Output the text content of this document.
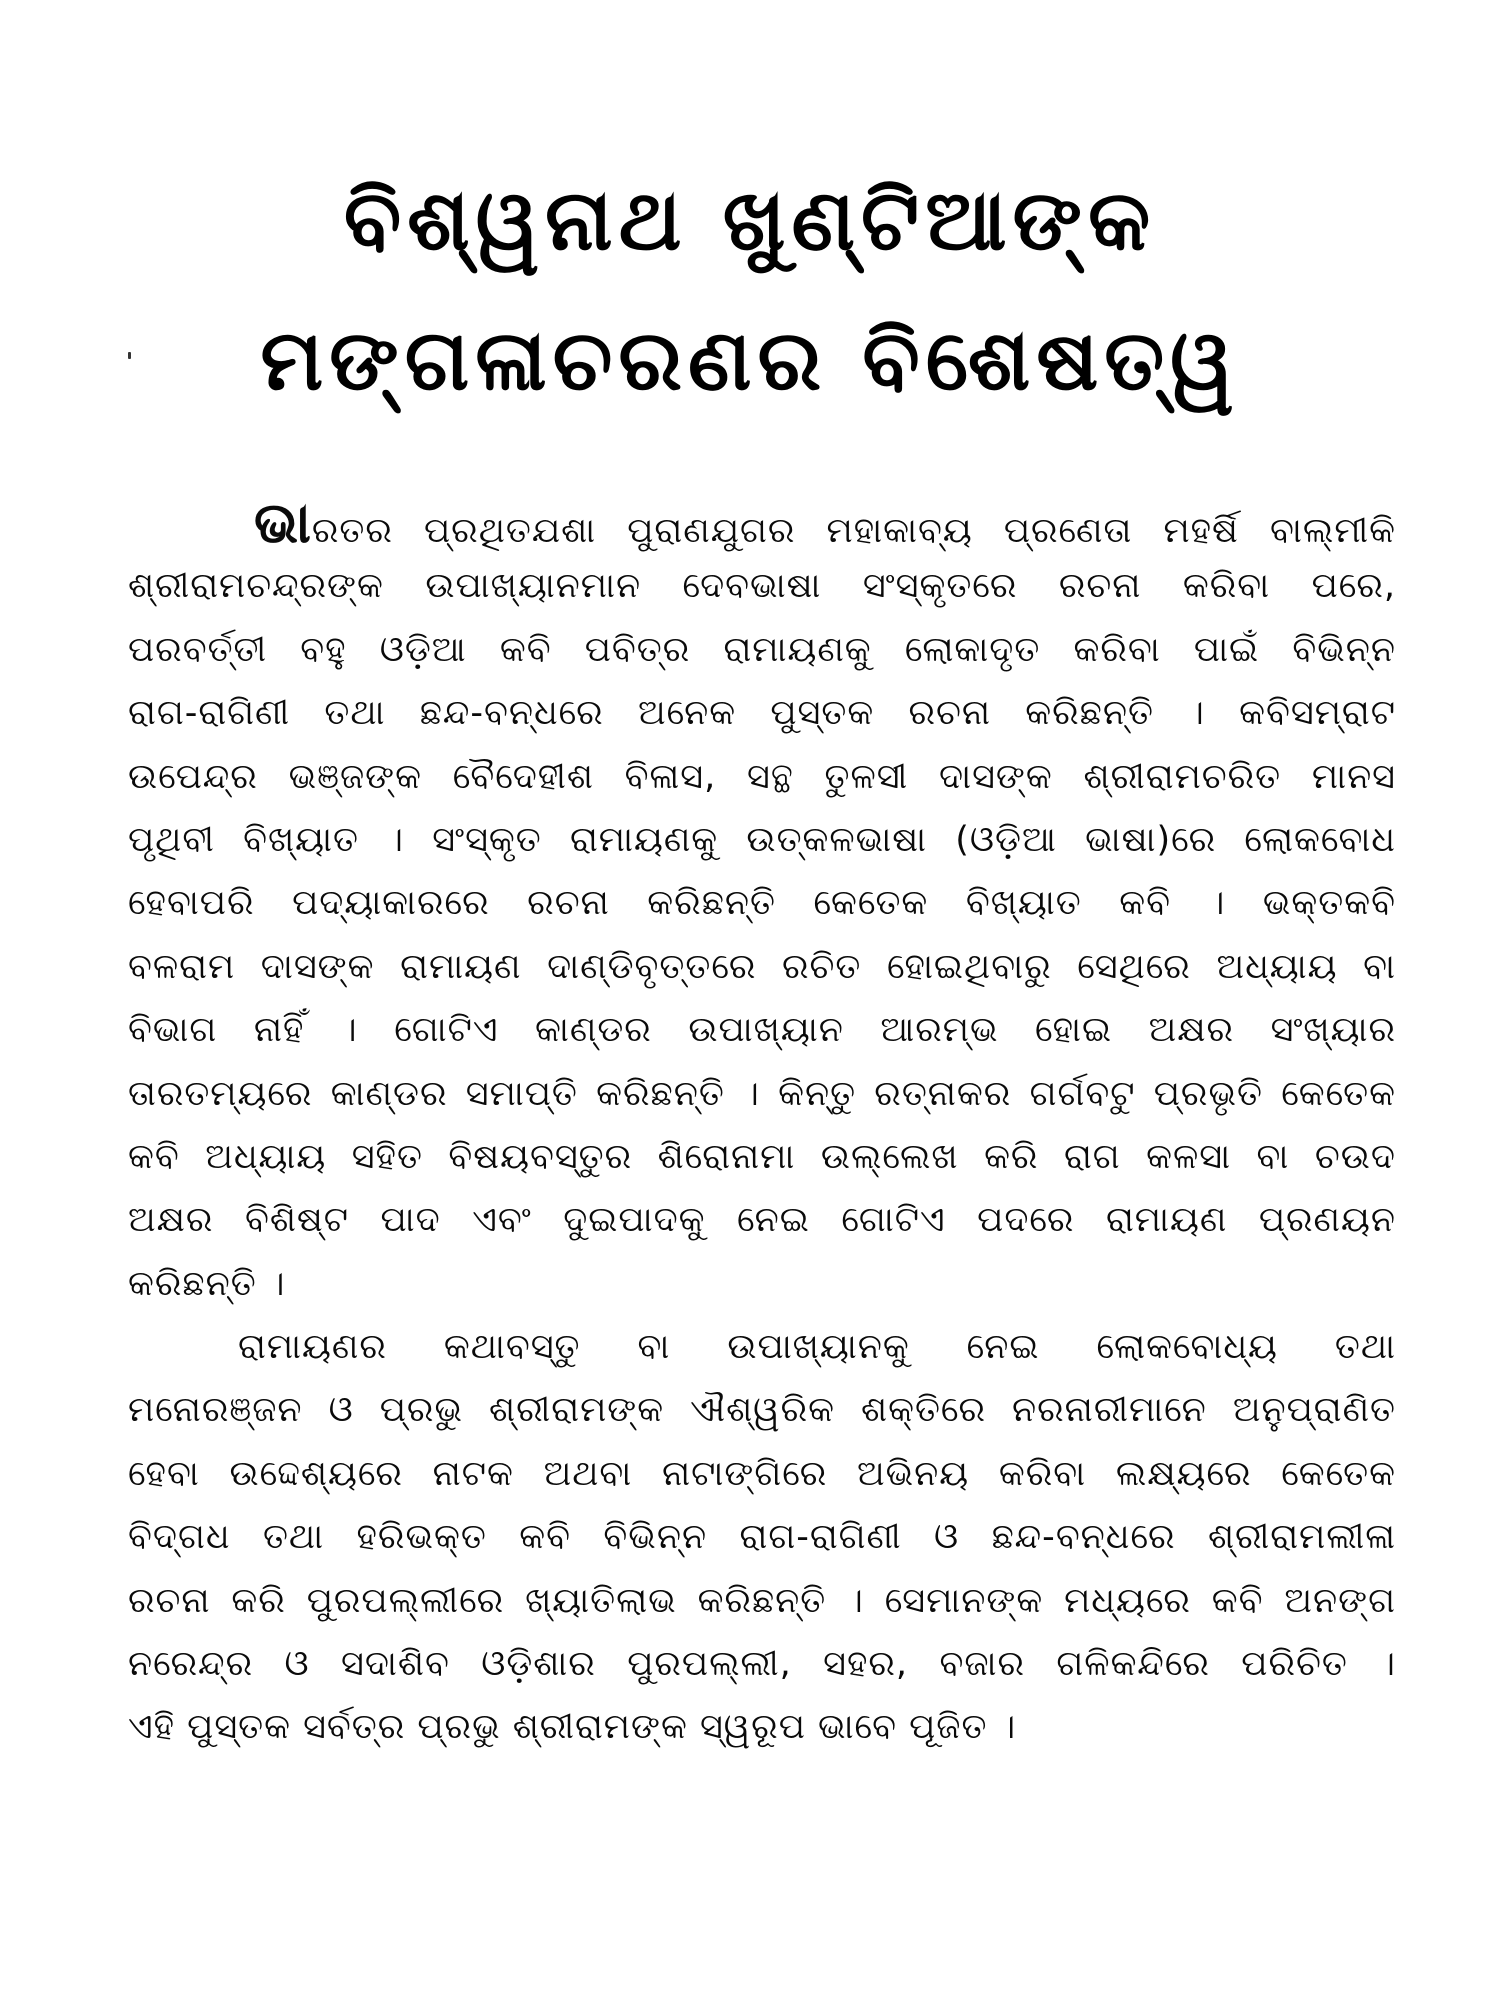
ବିଶ୍ୱନାଥ ଖୁଣ୍ଟିଆଙ୍କ
ମଙ୍ଗଳାଚରଣର ବିଶେଷତ୍ୱ
ଭାରତର ପ୍ରଥିତଯଶା ପୁରାଣଯୁଗର ମହାକାବ୍ୟ ପ୍ରଣେତା ମହର୍ଷି ବାଲ୍ମୀକି
ଶ୍ରୀରାମଚନ୍ଦ୍ରଙ୍କ ଉପାଖ୍ୟାନମାନ ଦେବଭାଷା ସଂସ୍କୃତରେ ରଚନା କରିବା ପରେ,
ପରବର୍ତ୍ତୀ ବହୁ ଓଡ଼ିଆ କବି ପବିତ୍ର ରାମାୟଣକୁ ଲୋକାଦୃତ କରିବା ପାଇଁ ବିଭିନ୍ନ
ରାଗ-ରାଗିଣୀ ତଥା ଛନ୍ଦ-ବନ୍ଧରେ ଅନେକ ପୁସ୍ତକ ରଚନା କରିଛନ୍ତି । କବିସମ୍ରାଟ
ଉପେନ୍ଦ୍ର ଭଞ୍ଜଙ୍କ ବୈଦେହୀଶ ବିଳାସ, ସନ୍ଥ ତୁଳସୀ ଦାସଙ୍କ ଶ୍ରୀରାମଚରିତ ମାନସ
ପୃଥିବୀ ବିଖ୍ୟାତ । ସଂସ୍କୃତ ରାମାୟଣକୁ ଉତ୍କଳଭାଷା (ଓଡ଼ିଆ ଭାଷା)ରେ ଲୋକବୋଧ
ହେବାପରି ପଦ୍ୟାକାରରେ ରଚନା କରିଛନ୍ତି କେତେକ ବିଖ୍ୟାତ କବି । ଭକ୍ତକବି
ବଳରାମ ଦାସଙ୍କ ରାମାୟଣ ଦାଣ୍ଡିବୃତ୍ତରେ ରଚିତ ହୋଇଥିବାରୁ ସେଥିରେ ଅଧ୍ୟାୟ ବା
ବିଭାଗ ନାହିଁ । ଗୋଟିଏ କାଣ୍ଡର ଉପାଖ୍ୟାନ ଆରମ୍ଭ ହୋଇ ଅକ୍ଷର ସଂଖ୍ୟାର
ତାରତମ୍ୟରେ କାଣ୍ଡର ସମାପ୍ତି କରିଛନ୍ତି । କିନ୍ତୁ ରତ୍ନାକର ଗର୍ଗବଟୁ ପ୍ରଭୃତି କେତେକ
କବି ଅଧ୍ୟାୟ ସହିତ ବିଷୟବସ୍ତୁର ଶିରୋନାମା ଉଲ୍ଲେଖ କରି ରାଗ କଳସା ବା ଚଉଦ
ଅକ୍ଷର ବିଶିଷ୍ଟ ପାଦ ଏବଂ ଦୁଇପାଦକୁ ନେଇ ଗୋଟିଏ ପଦରେ ରାମାୟଣ ପ୍ରଣୟନ
କରିଛନ୍ତି ।
ରାମାୟଣର କଥାବସ୍ତୁ ବା ଉପାଖ୍ୟାନକୁ ନେଇ ଲୋକବୋଧ୍ୟ ତଥା
ମନୋରଞ୍ଜନ ଓ ପ୍ରଭୁ ଶ୍ରୀରାମଙ୍କ ଐଶ୍ୱରିକ ଶକ୍ତିରେ ନରନାରୀମାନେ ଅନୁପ୍ରାଣିତ
ହେବା ଉଦ୍ଦେଶ୍ୟରେ ନାଟକ ଅଥବା ନାଟାଙ୍ଗିରେ ଅଭିନୟ କରିବା ଲକ୍ଷ୍ୟରେ କେତେକ
ବିଦ୍‌ଗଧ ତଥା ହରିଭକ୍ତ କବି ବିଭିନ୍ନ ରାଗ-ରାଗିଣୀ ଓ ଛନ୍ଦ-ବନ୍ଧରେ ଶ୍ରୀରାମଲୀଳା
ରଚନା କରି ପୁରପଲ୍ଲୀରେ ଖ୍ୟାତିଲାଭ କରିଛନ୍ତି । ସେମାନଙ୍କ ମଧ୍ୟରେ କବି ଅନଙ୍ଗ
ନରେନ୍ଦ୍ର ଓ ସଦାଶିବ ଓଡ଼ିଶାର ପୁରପଲ୍ଲୀ, ସହର, ବଜାର ଗଳିକନ୍ଦିରେ ପରିଚିତ ।
ଏହି ପୁସ୍ତକ ସର୍ବତ୍ର ପ୍ରଭୁ ଶ୍ରୀରାମଙ୍କ ସ୍ୱରୂପ ଭାବେ ପୂଜିତ ।
